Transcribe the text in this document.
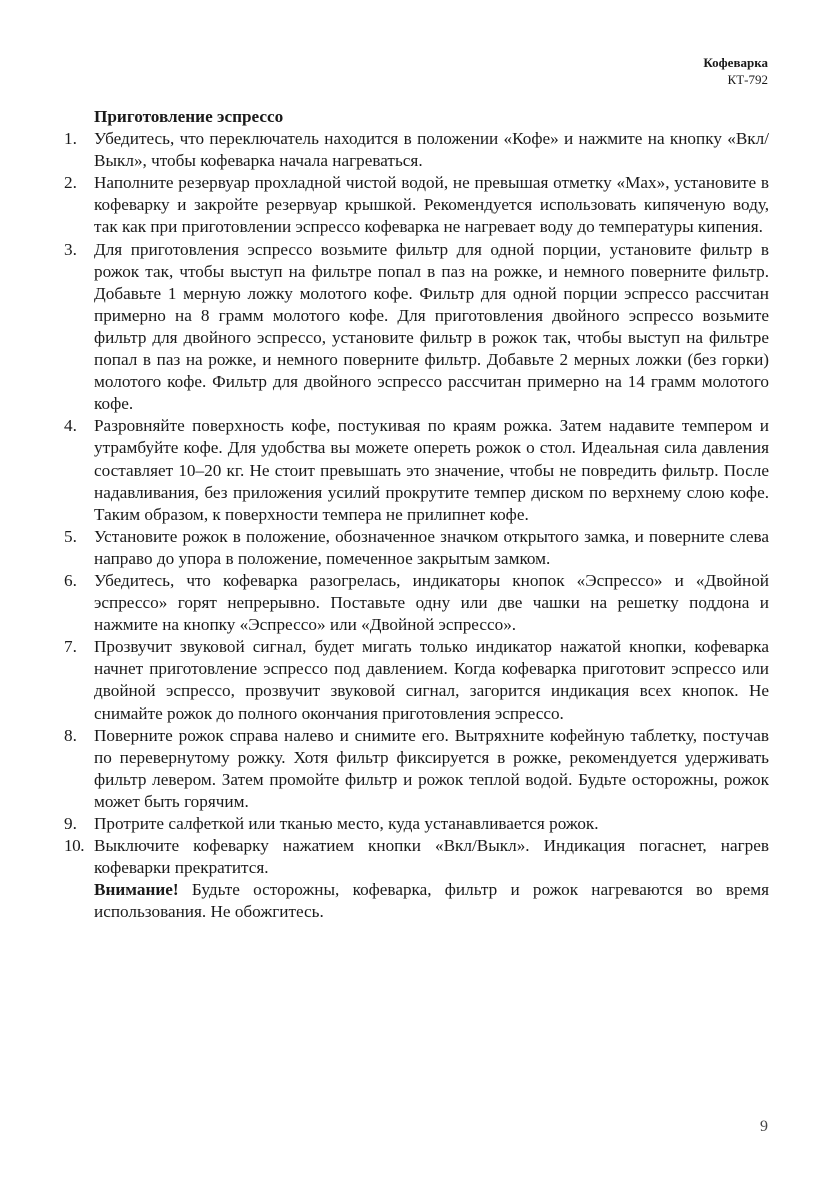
Кофеварка
КТ-792
Приготовление эспрессо
1. Убедитесь, что переключатель находится в положении «Кофе» и нажмите на кнопку «Вкл/Выкл», чтобы кофеварка начала нагреваться.
2. Наполните резервуар прохладной чистой водой, не превышая отметку «Max», установите в кофеварку и закройте резервуар крышкой. Рекомендуется использовать кипяченую воду, так как при приготовлении эспрессо кофеварка не нагревает воду до температуры кипения.
3. Для приготовления эспрессо возьмите фильтр для одной порции, установите фильтр в рожок так, чтобы выступ на фильтре попал в паз на рожке, и немного поверните фильтр. Добавьте 1 мерную ложку молотого кофе. Фильтр для одной порции эспрессо рассчитан примерно на 8 грамм молотого кофе. Для приготовления двойного эспрессо возьмите фильтр для двойного эспрессо, установите фильтр в рожок так, чтобы выступ на фильтре попал в паз на рожке, и немного поверните фильтр. Добавьте 2 мерных ложки (без горки) молотого кофе. Фильтр для двойного эспрессо рассчитан примерно на 14 грамм молотого кофе.
4. Разровняйте поверхность кофе, постукивая по краям рожка. Затем надавите темпером и утрамбуйте кофе. Для удобства вы можете опереть рожок о стол. Идеальная сила давления составляет 10–20 кг. Не стоит превышать это значение, чтобы не повредить фильтр. После надавливания, без приложения усилий прокрутите темпер диском по верхнему слою кофе. Таким образом, к поверхности темпера не прилипнет кофе.
5. Установите рожок в положение, обозначенное значком открытого замка, и поверните слева направо до упора в положение, помеченное закрытым замком.
6. Убедитесь, что кофеварка разогрелась, индикаторы кнопок «Эспрессо» и «Двойной эспрессо» горят непрерывно. Поставьте одну или две чашки на решетку поддона и нажмите на кнопку «Эспрессо» или «Двойной эспрессо».
7. Прозвучит звуковой сигнал, будет мигать только индикатор нажатой кнопки, кофеварка начнет приготовление эспрессо под давлением. Когда кофеварка приготовит эспрессо или двойной эспрессо, прозвучит звуковой сигнал, загорится индикация всех кнопок. Не снимайте рожок до полного окончания приготовления эспрессо.
8. Поверните рожок справа налево и снимите его. Вытряхните кофейную таблетку, постучав по перевернутому рожку. Хотя фильтр фиксируется в рожке, рекомендуется удерживать фильтр левером. Затем промойте фильтр и рожок теплой водой. Будьте осторожны, рожок может быть горячим.
9. Протрите салфеткой или тканью место, куда устанавливается рожок.
10. Выключите кофеварку нажатием кнопки «Вкл/Выкл». Индикация погаснет, нагрев кофеварки прекратится.

Внимание! Будьте осторожны, кофеварка, фильтр и рожок нагреваются во время использования. Не обожгитесь.

9
